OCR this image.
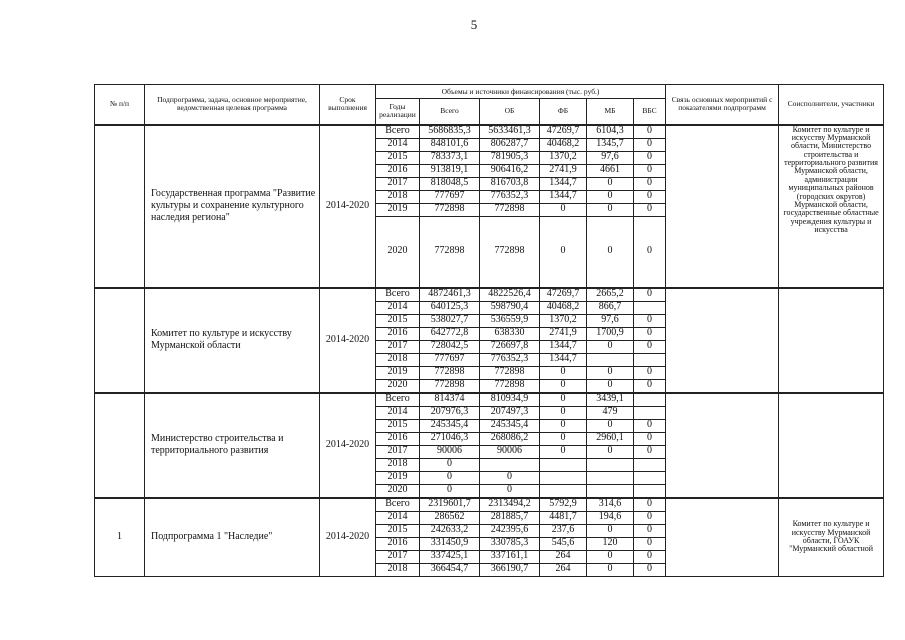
5
№ п/п	Подпрограмма, задача, основное мероприятие, ведомственная целевая программа	Срок выполнения	Объемы и источники финансирования (тыс. руб.)						Связь основных мероприятий с показателями подпрограмм	Соисполнители, участники
			Годы реализации	Всего	ОБ	ФБ	МБ	ВБС		
	Государственная программа "Развитие культуры и сохранение культурного наследия региона"	2014-2020	Всего	5686835,3	5633461,3	47269,7	6104,3	0		Комитет по культуре и искусству Мурманской области, Министерство строительства и территориального развития Мурманской области, администрации муниципальных районов (городских округов) Мурманской области, государственные областные учреждения культуры и искусства
			2014	848101,6	806287,7	40468,2	1345,7	0		
			2015	783373,1	781905,3	1370,2	97,6	0		
			2016	913819,1	906416,2	2741,9	4661	0		
			2017	818048,5	816703,8	1344,7	0	0		
			2018	777697	776352,3	1344,7	0	0		
			2019	772898	772898	0	0	0		
			2020	772898	772898	0	0	0		
	Комитет по культуре и искусству Мурманской области	2014-2020	Всего	4872461,3	4822526,4	47269,7	2665,2	0		
			2014	640125,3	598790,4	40468,2	866,7			
			2015	538027,7	536559,9	1370,2	97,6	0		
			2016	642772,8	638330	2741,9	1700,9	0		
			2017	728042,5	726697,8	1344,7	0	0		
			2018	777697	776352,3	1344,7				
			2019	772898	772898	0	0	0		
			2020	772898	772898	0	0	0		
	Министерство строительства и территориального развития	2014-2020	Всего	814374	810934,9	0	3439,1			
			2014	207976,3	207497,3	0	479			
			2015	245345,4	245345,4	0	0	0		
			2016	271046,3	268086,2	0	2960,1	0		
			2017	90006	90006	0	0	0		
			2018	0						
			2019	0	0					
			2020	0	0					
1	Подпрограмма 1 "Наследие"	2014-2020	Всего	2319601,7	2313494,2	5792,9	314,6	0		Комитет по культуре и искусству Мурманской области, ГОАУК "Мурманский областной
			2014	286562	281885,7	4481,7	194,6	0		
			2015	242633,2	242395,6	237,6	0	0		
			2016	331450,9	330785,3	545,6	120	0		
			2017	337425,1	337161,1	264	0	0		
			2018	366454,7	366190,7	264	0	0		
